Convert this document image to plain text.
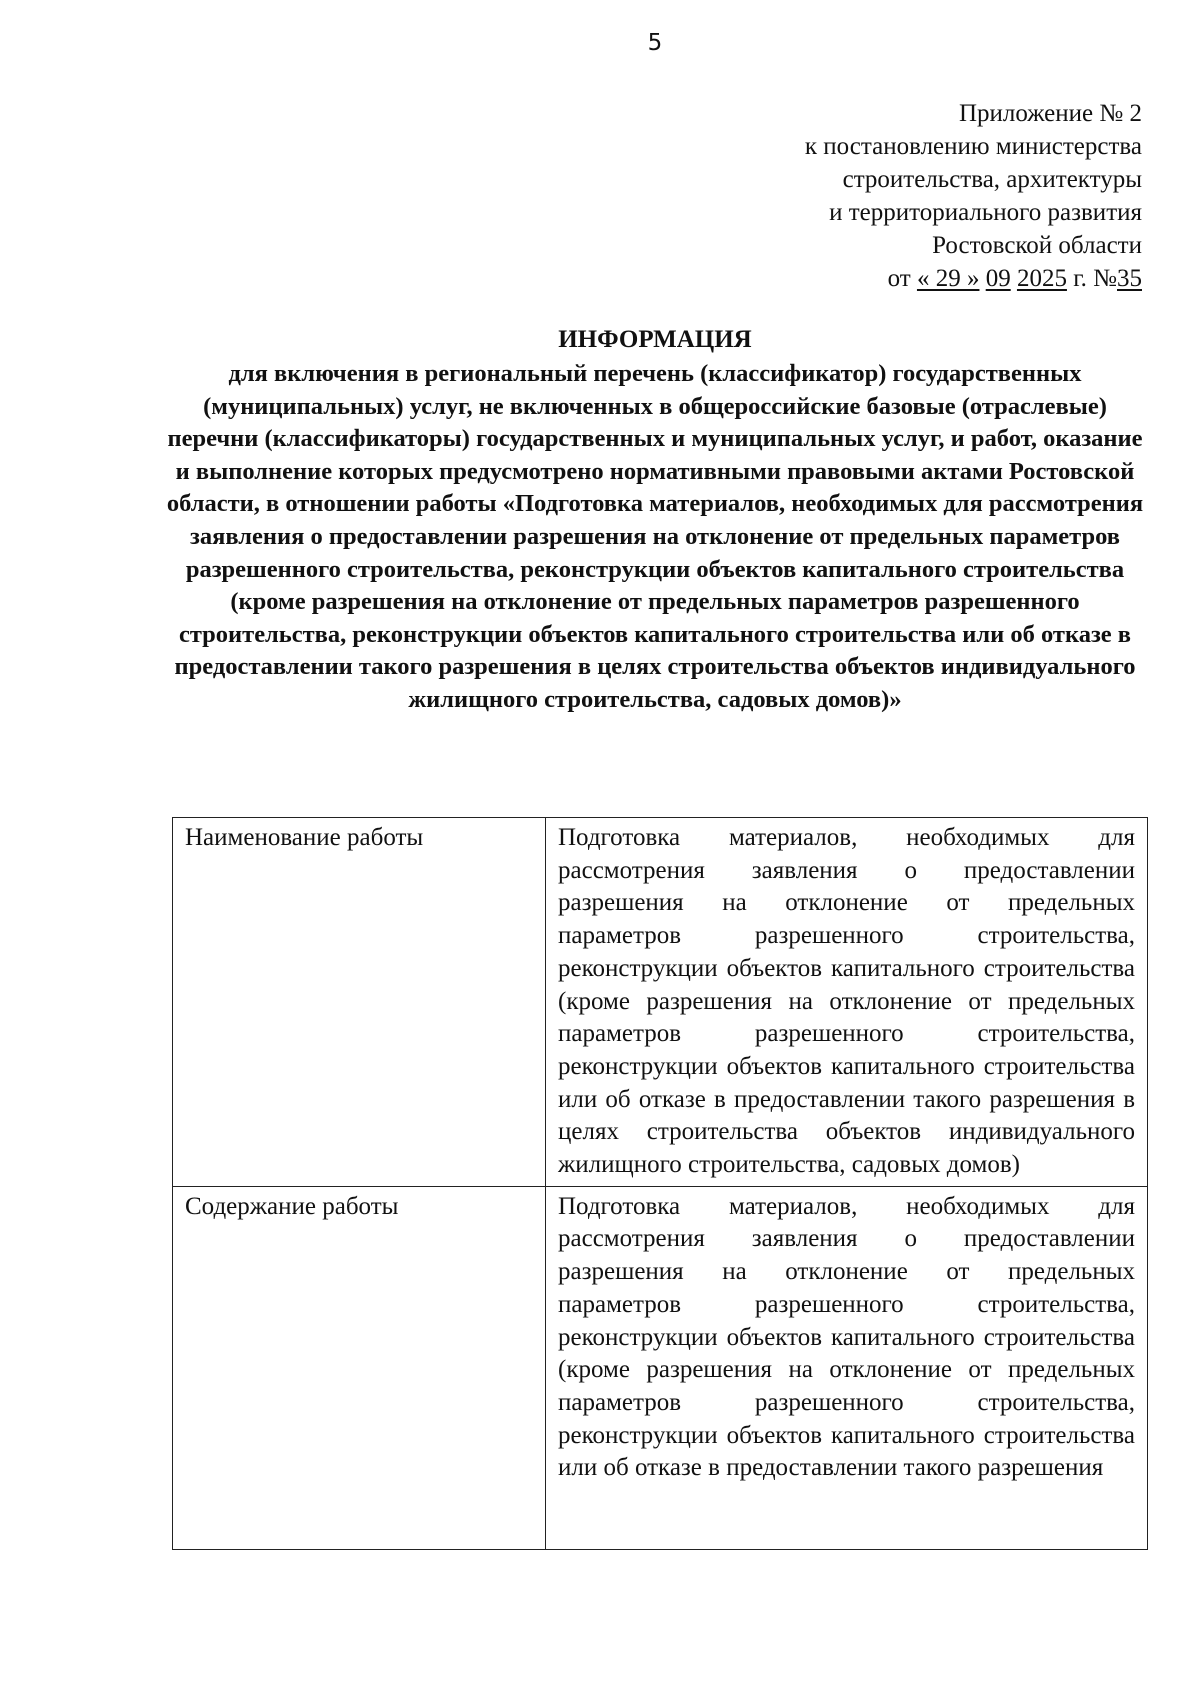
5
Приложение № 2
к постановлению министерства
строительства, архитектуры
и территориального развития
Ростовской области
от « 29 » 09 2025 г. №35
ИНФОРМАЦИЯ

для включения в региональный перечень (классификатор) государственных (муниципальных) услуг, не включенных в общероссийские базовые (отраслевые) перечни (классификаторы) государственных и муниципальных услуг, и работ, оказание и выполнение которых предусмотрено нормативными правовыми актами Ростовской области, в отношении работы «Подготовка материалов, необходимых для рассмотрения заявления о предоставлении разрешения на отклонение от предельных параметров разрешенного строительства, реконструкции объектов капитального строительства (кроме разрешения на отклонение от предельных параметров разрешенного строительства, реконструкции объектов капитального строительства или об отказе в предоставлении такого разрешения в целях строительства объектов индивидуального жилищного строительства, садовых домов)»

Наименование работы	Подготовка материалов, необходимых для рассмотрения заявления о предоставлении разрешения на отклонение от предельных параметров разрешенного строительства, реконструкции объектов капитального строительства (кроме разрешения на отклонение от предельных параметров разрешенного строительства, реконструкции объектов капитального строительства или об отказе в предоставлении такого разрешения в целях строительства объектов индивидуального жилищного строительства, садовых домов)

Содержание работы	Подготовка материалов, необходимых для рассмотрения заявления о предоставлении разрешения на отклонение от предельных параметров разрешенного строительства, реконструкции объектов капитального строительства (кроме разрешения на отклонение от предельных параметров разрешенного строительства, реконструкции объектов капитального строительства или об отказе в предоставлении такого разрешения
